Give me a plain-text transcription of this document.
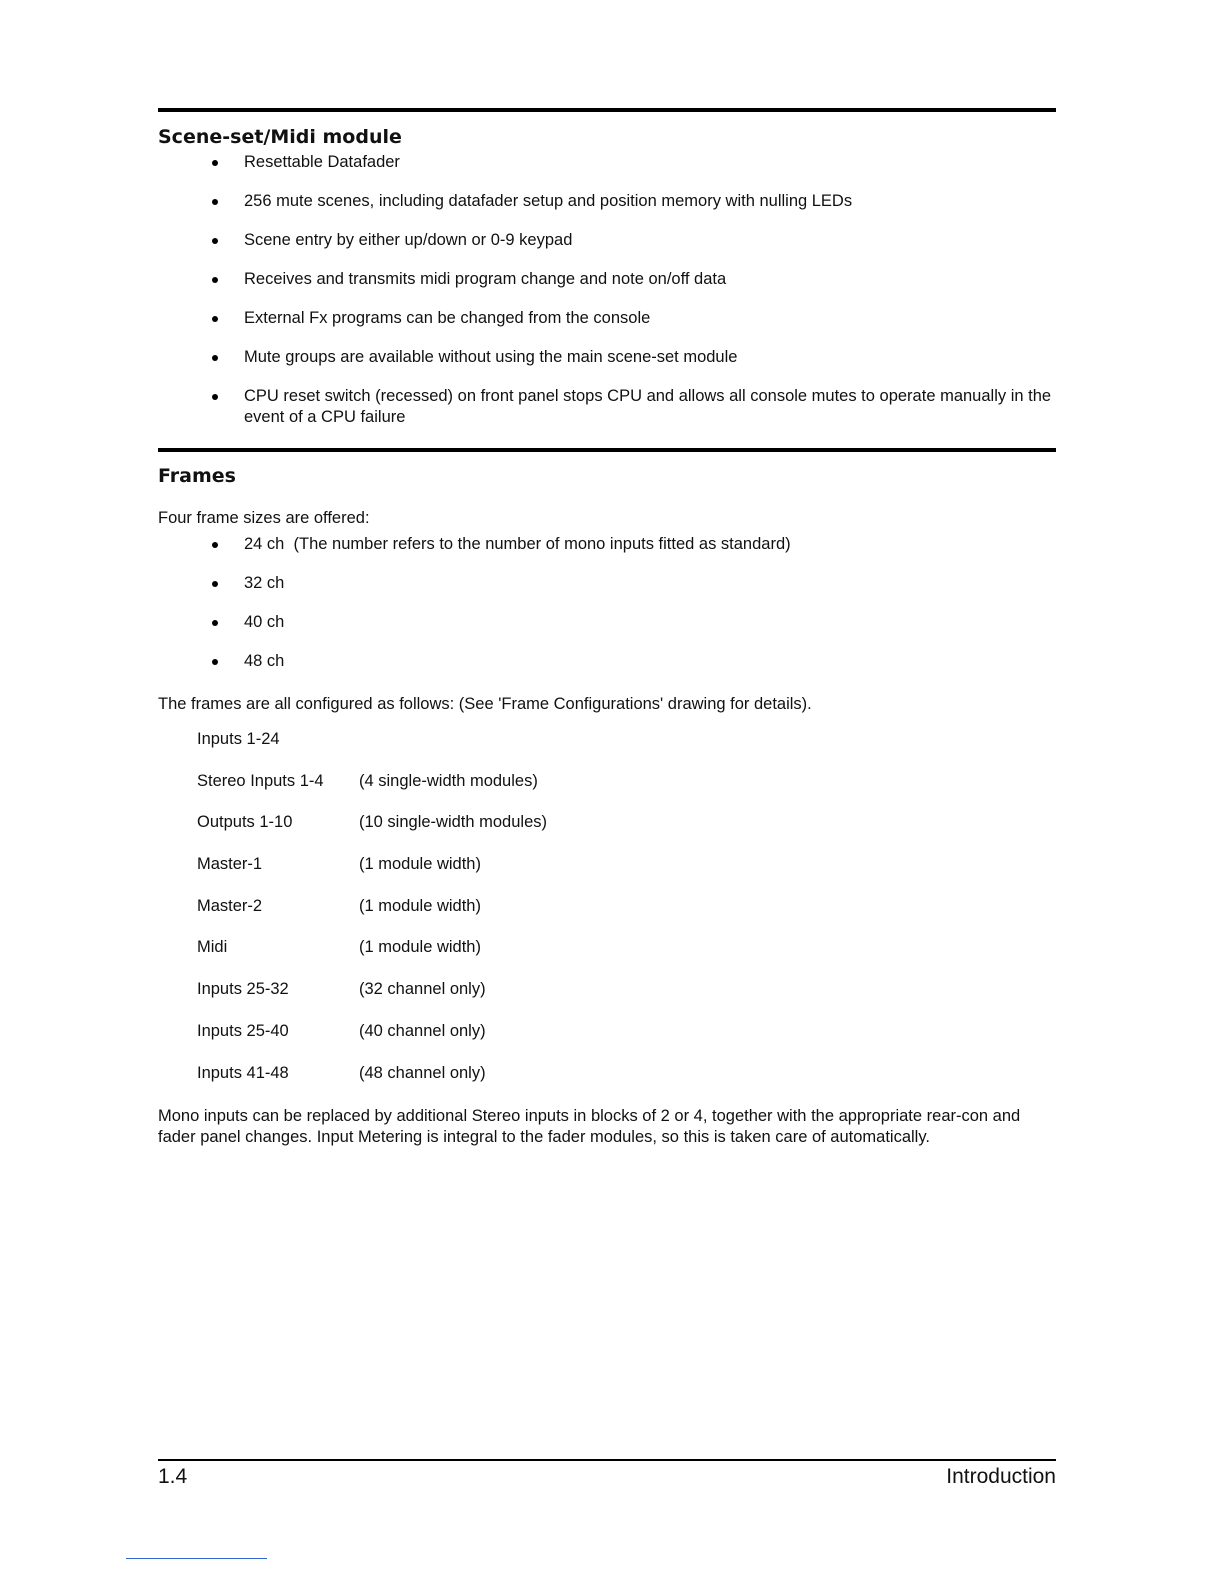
Scene-set/Midi module
Resettable Datafader
256 mute scenes, including datafader setup and position memory with nulling LEDs
Scene entry by either up/down or 0-9 keypad
Receives and transmits midi program change and note on/off data
External Fx programs can be changed from the console
Mute groups are available without using the main scene-set module
CPU reset switch (recessed) on front panel stops CPU and allows all console mutes to operate manually in the event of a CPU failure
Frames

Four frame sizes are offered:

24 ch  (The number refers to the number of mono inputs fitted as standard)
32 ch
40 ch
48 ch

The frames are all configured as follows: (See 'Frame Configurations' drawing for details).

Inputs 1-24
Stereo Inputs 1-4 (4 single-width modules)
Outputs 1-10	(10 single-width modules)
Master-1	(1 module width)
Master-2	(1 module width)
Midi	(1 module width)
Inputs 25-32	(32 channel only)
Inputs 25-40	(40 channel only)
Inputs 41-48	(48 channel only)

Mono inputs can be replaced by additional Stereo inputs in blocks of 2 or 4, together with the appropriate rear-con and fader panel changes. Input Metering is integral to the fader modules, so this is taken care of automatically.

1.4	Introduction
